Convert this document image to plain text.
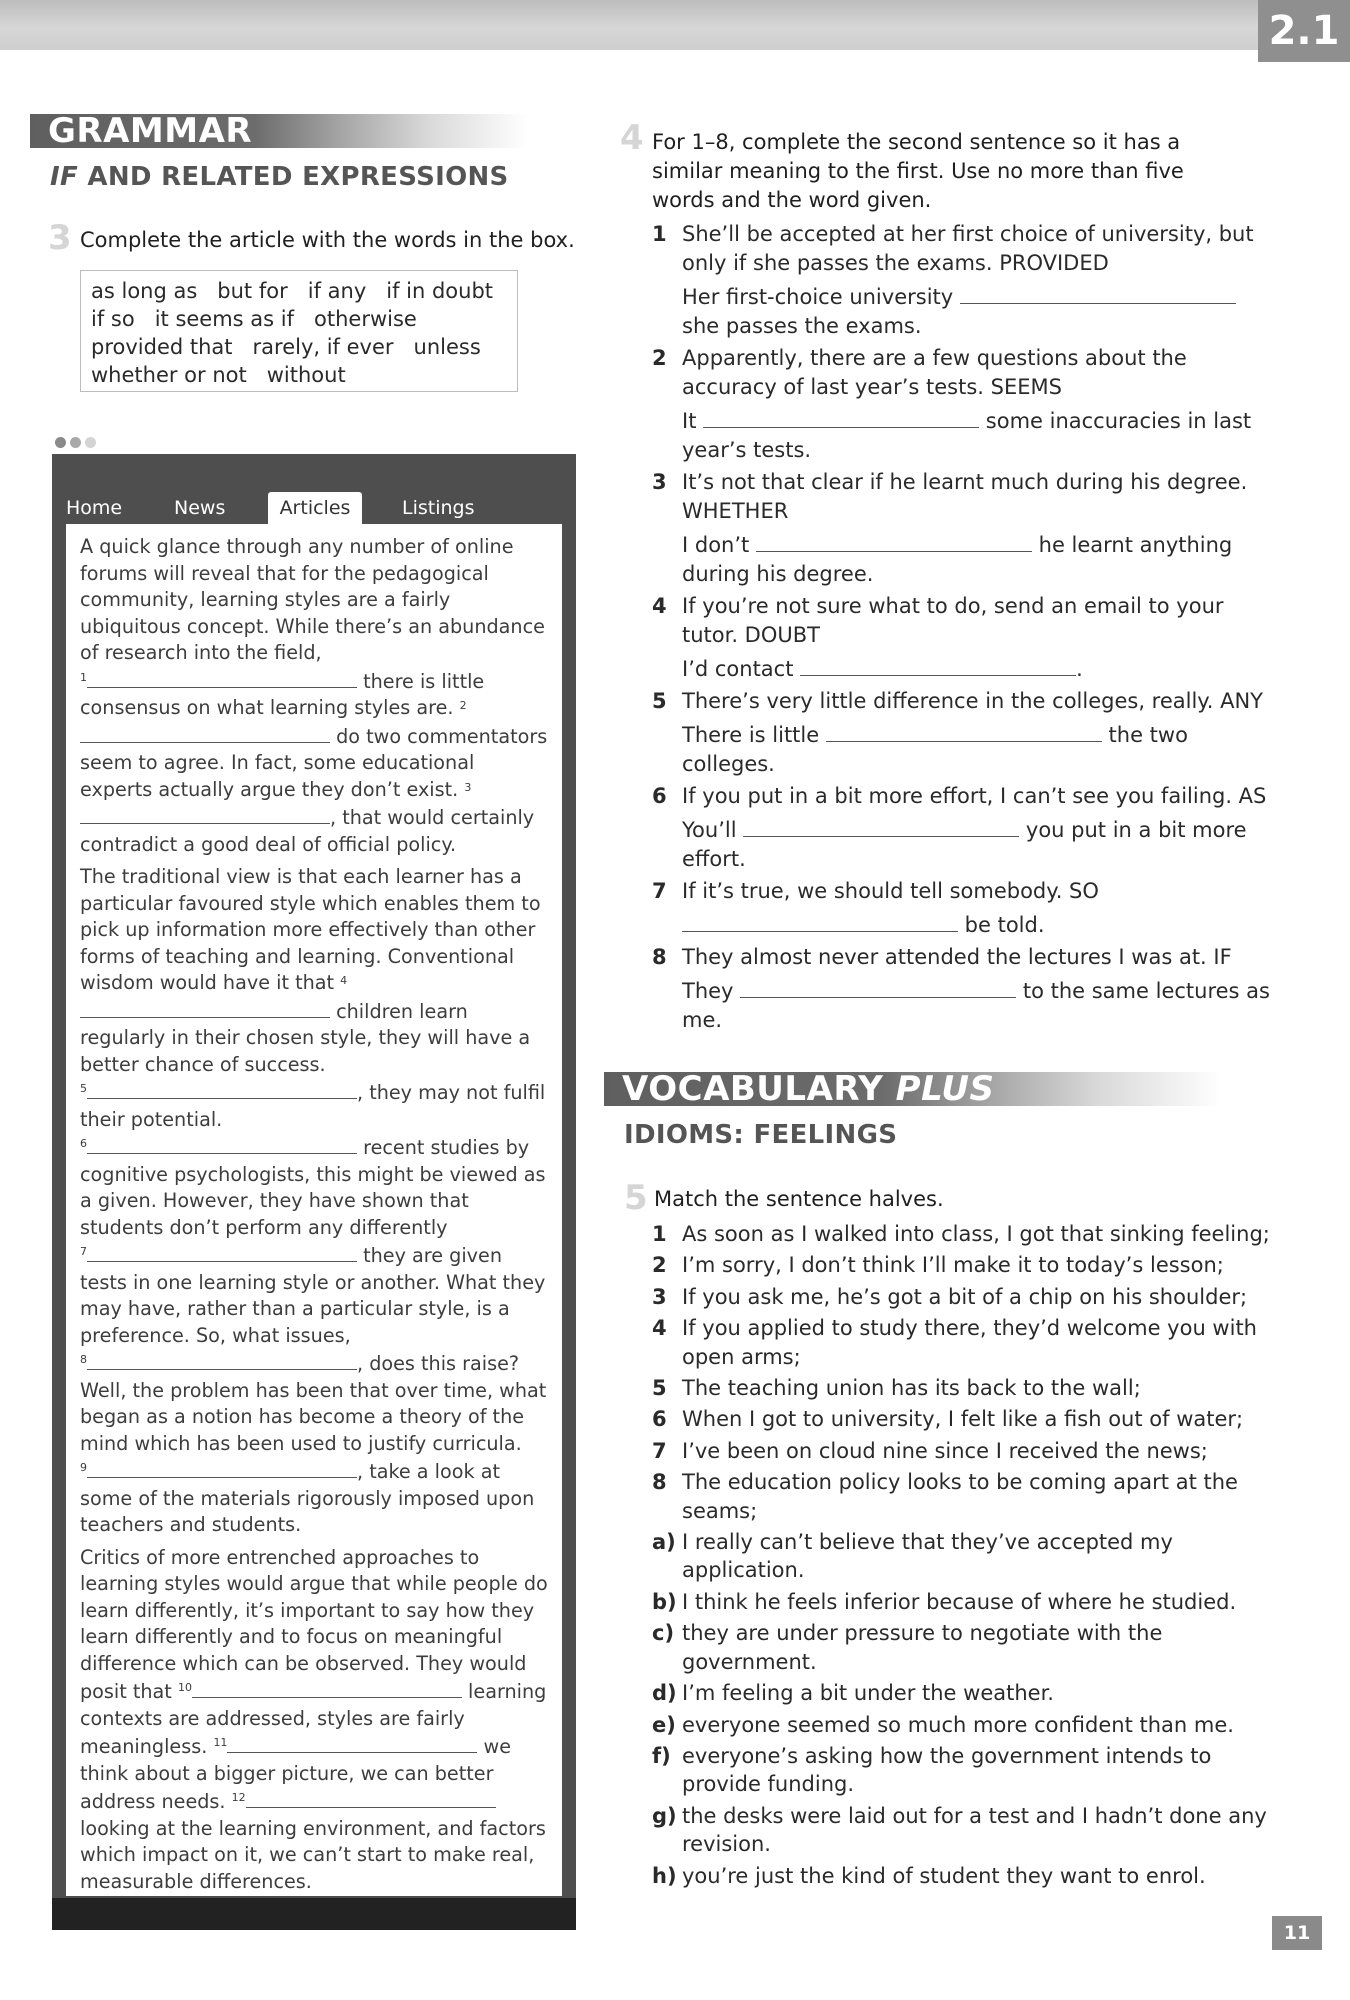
2.1
GRAMMAR
IF AND RELATED EXPRESSIONS
3 Complete the article with the words in the box.
as long as but for if any if in doubt
if so it seems as if otherwise
provided that rarely, if ever unless
whether or not without
Home	News	Articles	Listings

A quick glance through any number of online forums will reveal that for the pedagogical community, learning styles are a fairly ubiquitous concept. While there’s an abundance of research into the field,
$^1$	there is little consensus on what learning styles are. $^2$ do two commentators seem to agree. In fact, some educational experts actually argue they don’t exist. $^3$, that would certainly contradict a good deal of official policy.

The traditional view is that each learner has a particular favoured style which enables them to pick up information more effectively than other forms of teaching and learning. Conventional wisdom would have it that $^4$ children learn regularly in their chosen style, they will have a better chance of success.
$^5$	, they may not fulfil their potential.
$^6$	recent studies by cognitive psychologists, this might be viewed as a given. However, they have shown that students don’t perform any differently
$^7$	they are given tests in one learning style or another. What they may have, rather than a particular style, is a preference. So, what issues,
$^8$	, does this raise? Well, the problem has been that over time, what began as a notion has become a theory of the mind which has been used to justify curricula.
$^9$	, take a look at some of the materials rigorously imposed upon teachers and students.

Critics of more entrenched approaches to learning styles would argue that while people do learn differently, it’s important to say how they learn differently and to focus on meaningful difference which can be observed. They would posit that $^{10}$	learning contexts are addressed, styles are fairly meaningless. $^{11}$	we think about a bigger picture, we can better address needs. $^{12}$ looking at the learning environment, and factors which impact on it, we can’t start to make real, measurable differences.

4 For 1–8, complete the second sentence so it has a similar meaning to the first. Use no more than five words and the word given.
1 She’ll be accepted at her first choice of university, but only if she passes the exams. PROVIDED
Her first-choice university  she passes the exams.
2 Apparently, there are a few questions about the accuracy of last year’s tests. SEEMS
It	some inaccuracies in last year’s tests.
3 It’s not that clear if he learnt much during his degree. WHETHER
I don’t	he learnt anything during his degree.
4 If you’re not sure what to do, send an email to your tutor. DOUBT
I’d contact	.
5 There’s very little difference in the colleges, really. ANY
There is little	the two colleges.
6 If you put in a bit more effort, I can’t see you failing. AS
You’ll	you put in a bit more effort.
7 If it’s true, we should tell somebody. SO
be told.
8 They almost never attended the lectures I was at. IF
They	to the same lectures as me.
VOCABULARY PLUS
IDIOMS: FEELINGS
5 Match the sentence halves.
1 As soon as I walked into class, I got that sinking feeling;
2 I’m sorry, I don’t think I’ll make it to today’s lesson;
3 If you ask me, he’s got a bit of a chip on his shoulder;
4 If you applied to study there, they’d welcome you with open arms;
5 The teaching union has its back to the wall;
6 When I got to university, I felt like a fish out of water;
7 I’ve been on cloud nine since I received the news;
8 The education policy looks to be coming apart at the seams;
a) I really can’t believe that they’ve accepted my application.
b) I think he feels inferior because of where he studied.
c) they are under pressure to negotiate with the government.
d) I’m feeling a bit under the weather.
e) everyone seemed so much more confident than me.
f) everyone’s asking how the government intends to provide funding.
g) the desks were laid out for a test and I hadn’t done any revision.
h) you’re just the kind of student they want to enrol.
11
